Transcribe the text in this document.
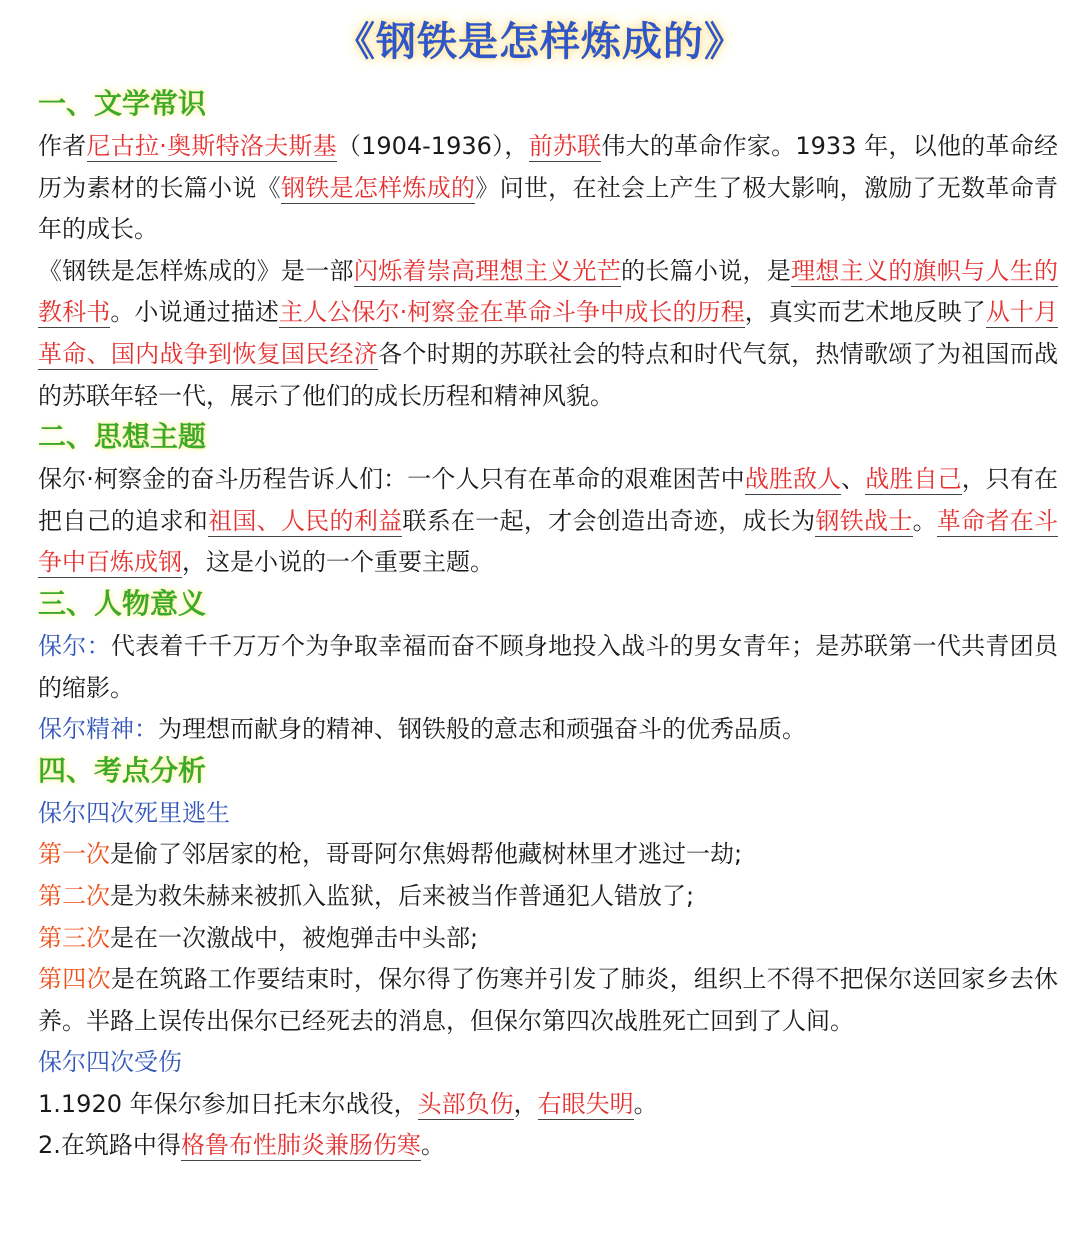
《钢铁是怎样炼成的》
一、文学常识

作者尼古拉·奥斯特洛夫斯基（1904-1936），前苏联伟大的革命作家。1933 年，以他的革命经历为素材的长篇小说《钢铁是怎样炼成的》问世，在社会上产生了极大影响，激励了无数革命青年的成长。

《钢铁是怎样炼成的》是一部闪烁着崇高理想主义光芒的长篇小说，是理想主义的旗帜与人生的教科书。小说通过描述主人公保尔·柯察金在革命斗争中成长的历程，真实而艺术地反映了从十月革命、国内战争到恢复国民经济各个时期的苏联社会的特点和时代气氛，热情歌颂了为祖国而战的苏联年轻一代，展示了他们的成长历程和精神风貌。

二、思想主题

保尔·柯察金的奋斗历程告诉人们：一个人只有在革命的艰难困苦中战胜敌人、战胜自己，只有在把自己的追求和祖国、人民的利益联系在一起，才会创造出奇迹，成长为钢铁战士。革命者在斗争中百炼成钢，这是小说的一个重要主题。

三、人物意义

保尔：代表着千千万万个为争取幸福而奋不顾身地投入战斗的男女青年；是苏联第一代共青团员的缩影。

保尔精神：为理想而献身的精神、钢铁般的意志和顽强奋斗的优秀品质。

四、考点分析
保尔四次死里逃生

第一次是偷了邻居家的枪，哥哥阿尔焦姆帮他藏树林里才逃过一劫;

第二次是为救朱赫来被抓入监狱，后来被当作普通犯人错放了;

第三次是在一次激战中，被炮弹击中头部;

第四次是在筑路工作要结束时，保尔得了伤寒并引发了肺炎，组织上不得不把保尔送回家乡去休养。半路上误传出保尔已经死去的消息，但保尔第四次战胜死亡回到了人间。

保尔四次受伤

1.1920 年保尔参加日托末尔战役，头部负伤，右眼失明。

2.在筑路中得格鲁布性肺炎兼肠伤寒。
